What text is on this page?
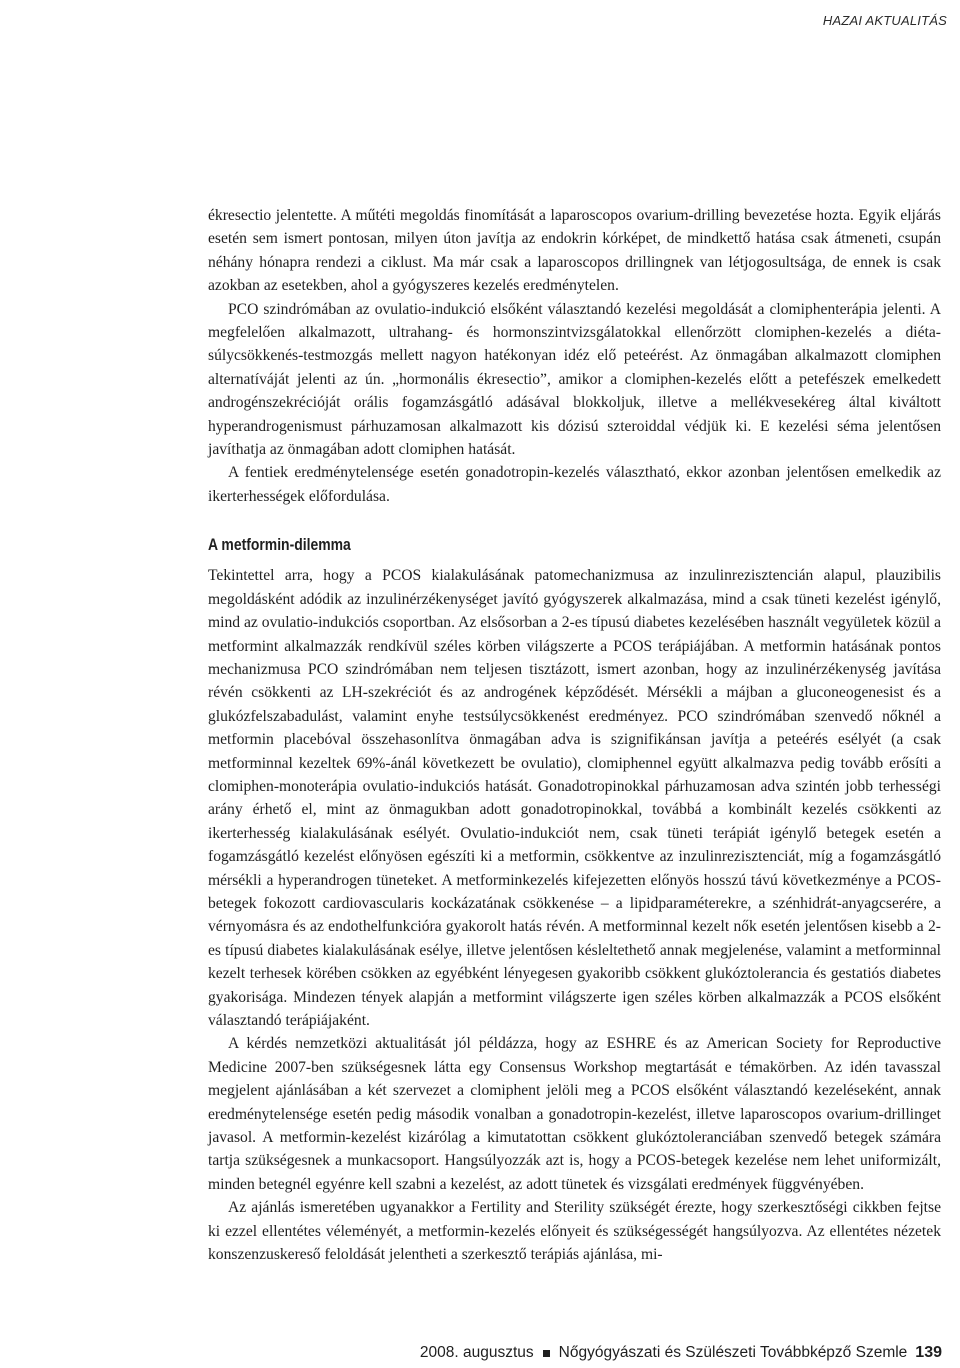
HAZAI AKTUALITÁS

ékresectio jelentette. A műtéti megoldás finomítását a laparoscopos ovarium-drilling bevezetése hozta. Egyik eljárás esetén sem ismert pontosan, milyen úton javítja az endokrin kórképet, de mindkettő hatása csak átmeneti, csupán néhány hónapra rendezi a ciklust. Ma már csak a laparoscopos drillingnek van létjogosultsága, de ennek is csak azokban az esetekben, ahol a gyógyszeres kezelés eredménytelen.

PCO szindrómában az ovulatio-indukció elsőként választandó kezelési megoldását a clomiphenterápia jelenti. A megfelelően alkalmazott, ultrahang- és hormonszintvizsgálatokkal ellenőrzött clomiphen-kezelés a diéta-súlycsökkenés-testmozgás mellett nagyon hatékonyan idéz elő peteérést. Az önmagában alkalmazott clomiphen alternatíváját jelenti az ún. „hormonális ékresectio”, amikor a clomiphen-kezelés előtt a petefészek emelkedett androgénszekrécióját orális fogamzásgátló adásával blokkoljuk, illetve a mellékvesekéreg által kiváltott hyperandrogenismust párhuzamosan alkalmazott kis dózisú szteroiddal védjük ki. E kezelési séma jelentősen javíthatja az önmagában adott clomiphen hatását.

A fentiek eredménytelensége esetén gonadotropin-kezelés választható, ekkor azonban jelentősen emelkedik az ikerterhességek előfordulása.

A metformin-dilemma

Tekintettel arra, hogy a PCOS kialakulásának patomechanizmusa az inzulinrezisztencián alapul, plauzibilis megoldásként adódik az inzulinérzékenységet javító gyógyszerek alkalmazása, mind a csak tüneti kezelést igénylő, mind az ovulatio-indukciós csoportban. Az elsősorban a 2-es típusú diabetes kezelésében használt vegyületek közül a metformint alkalmazzák rendkívül széles körben világszerte a PCOS terápiájában. A metformin hatásának pontos mechanizmusa PCO szindrómában nem teljesen tisztázott, ismert azonban, hogy az inzulinérzékenység javítása révén csökkenti az LH-szekréciót és az androgének képződését. Mérsékli a májban a gluconeogenesist és a glukózfelszabadulást, valamint enyhe testsúlycsökkenést eredményez. PCO szindrómában szenvedő nőknél a metformin placebóval összehasonlítva önmagában adva is szignifikánsan javítja a peteérés esélyét (a csak metforminnal kezeltek 69%-ánál következett be ovulatio), clomiphennel együtt alkalmazva pedig tovább erősíti a clomiphen-monoterápia ovulatio-indukciós hatását. Gonadotropinokkal párhuzamosan adva szintén jobb terhességi arány érhető el, mint az önmagukban adott gonadotropinokkal, továbbá a kombinált kezelés csökkenti az ikerterhesség kialakulásának esélyét. Ovulatio-indukciót nem, csak tüneti terápiát igénylő betegek esetén a fogamzásgátló kezelést előnyösen egészíti ki a metformin, csökkentve az inzulinrezisztenciát, míg a fogamzásgátló mérsékli a hyperandrogen tüneteket. A metforminkezelés kifejezetten előnyös hosszú távú következménye a PCOS-betegek fokozott cardiovascularis kockázatának csökkenése – a lipidparaméterekre, a szénhidrát-anyagcserére, a vérnyomásra és az endothelfunkcióra gyakorolt hatás révén. A metforminnal kezelt nők esetén jelentősen kisebb a 2-es típusú diabetes kialakulásának esélye, illetve jelentősen késleltethető annak megjelenése, valamint a metforminnal kezelt terhesek körében csökken az egyébként lényegesen gyakoribb csökkent glukóztolerancia és gestatiós diabetes gyakorisága. Mindezen tények alapján a metformint világszerte igen széles körben alkalmazzák a PCOS elsőként választandó terápiájaként.

A kérdés nemzetközi aktualitását jól példázza, hogy az ESHRE és az American Society for Reproductive Medicine 2007-ben szükségesnek látta egy Consensus Workshop megtartását e témakörben. Az idén tavasszal megjelent ajánlásában a két szervezet a clomiphent jelöli meg a PCOS elsőként választandó kezeléseként, annak eredménytelensége esetén pedig második vonalban a gonadotropin-kezelést, illetve laparoscopos ovarium-drillinget javasol. A metformin-kezelést kizárólag a kimutatottan csökkent glukóztoleranciában szenvedő betegek számára tartja szükségesnek a munkacsoport. Hangsúlyozzák azt is, hogy a PCOS-betegek kezelése nem lehet uniformizált, minden betegnél egyénre kell szabni a kezelést, az adott tünetek és vizsgálati eredmények függvényében.

Az ajánlás ismeretében ugyanakkor a Fertility and Sterility szükségét érezte, hogy szerkesztőségi cikkben fejtse ki ezzel ellentétes véleményét, a metformin-kezelés előnyeit és szükségességét hangsúlyozva. Az ellentétes nézetek konszenzuskereső feloldását jelentheti a szerkesztő terápiás ajánlása, mi-

2008. augusztus Nőgyógyászati és Szülészeti Továbbképző Szemle 139
